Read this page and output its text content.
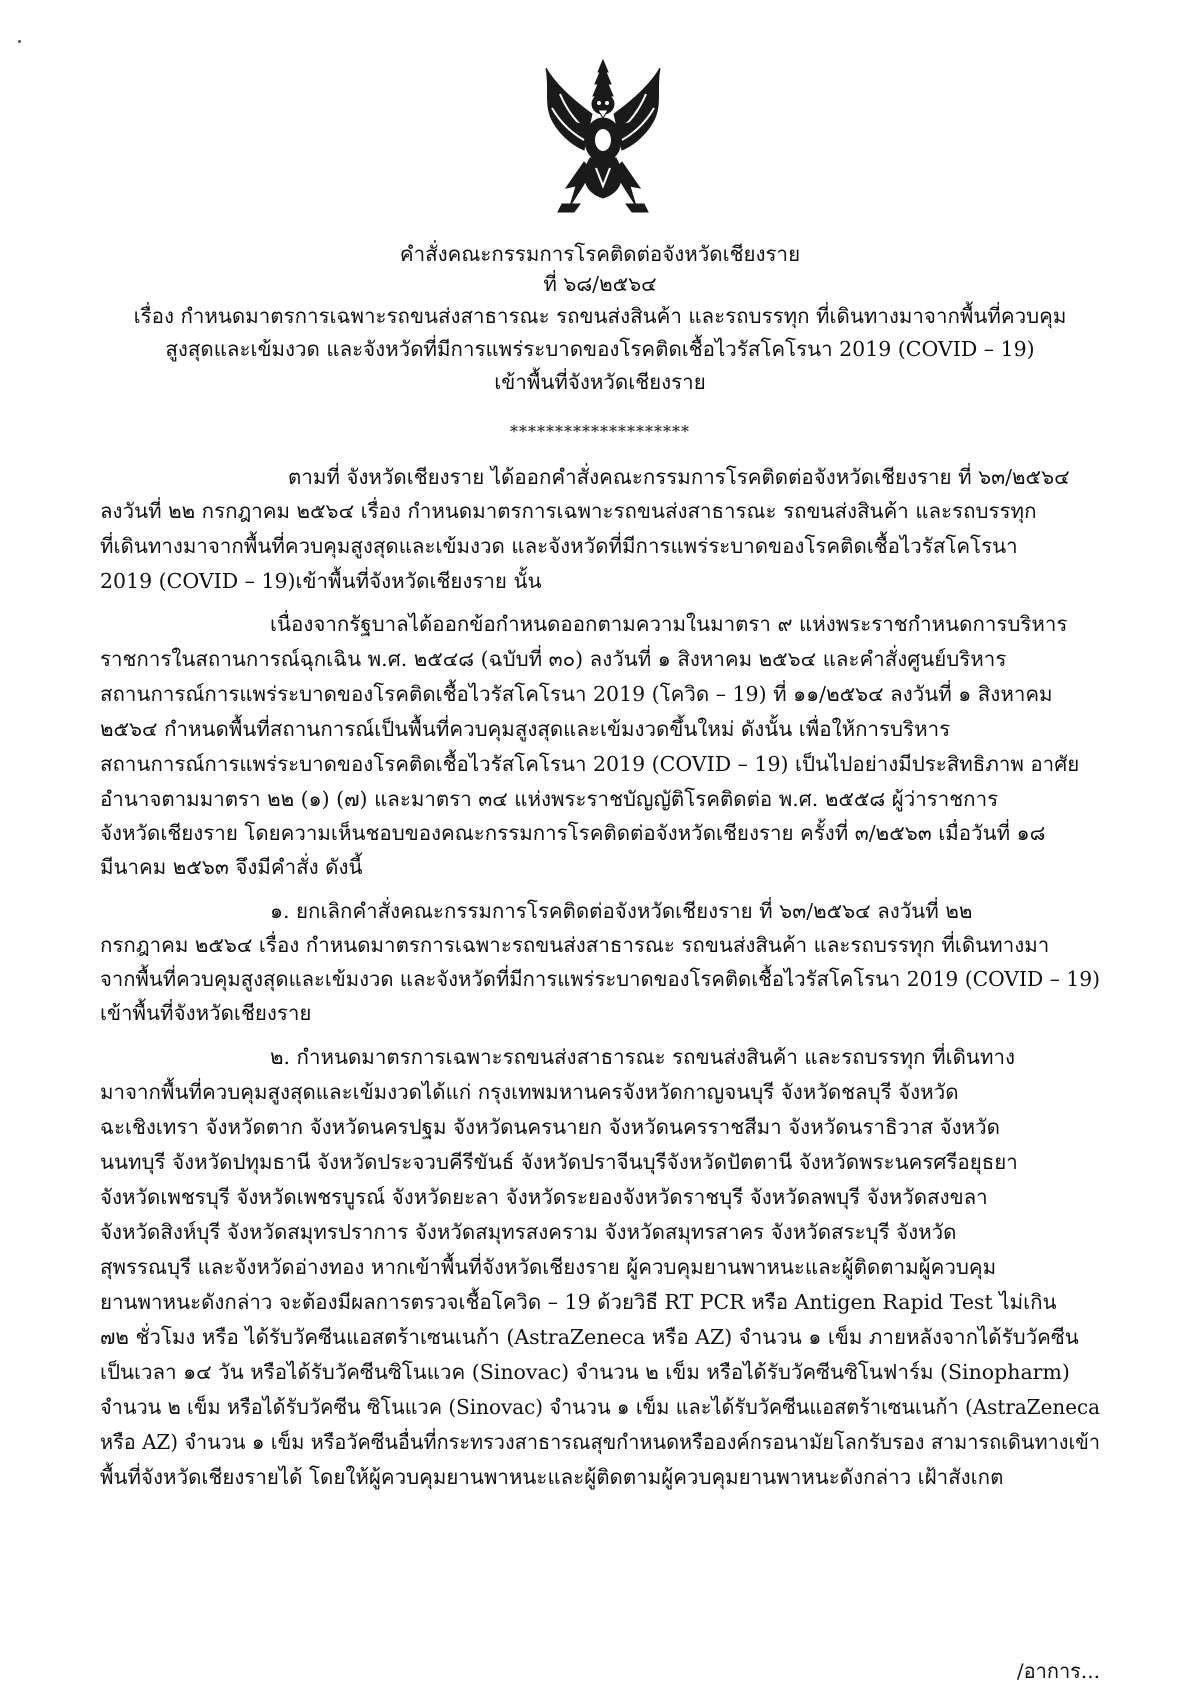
คำสั่งคณะกรรมการโรคติดต่อจังหวัดเชียงราย
ที่ ๖๘/๒๕๖๔
เรื่อง กำหนดมาตรการเฉพาะรถขนส่งสาธารณะ รถขนส่งสินค้า และรถบรรทุก ที่เดินทางมาจากพื้นที่ควบคุม
สูงสุดและเข้มงวด และจังหวัดที่มีการแพร่ระบาดของโรคติดเชื้อไวรัสโคโรนา 2019 (COVID – 19)
เข้าพื้นที่จังหวัดเชียงราย
********************
ตามที่ จังหวัดเชียงราย ได้ออกคำสั่งคณะกรรมการโรคติดต่อจังหวัดเชียงราย ที่ ๖๓/๒๕๖๔
ลงวันที่ ๒๒ กรกฎาคม ๒๕๖๔ เรื่อง กำหนดมาตรการเฉพาะรถขนส่งสาธารณะ รถขนส่งสินค้า และรถบรรทุก
ที่เดินทางมาจากพื้นที่ควบคุมสูงสุดและเข้มงวด และจังหวัดที่มีการแพร่ระบาดของโรคติดเชื้อไวรัสโคโรนา
2019 (COVID – 19)เข้าพื้นที่จังหวัดเชียงราย นั้น
เนื่องจากรัฐบาลได้ออกข้อกำหนดออกตามความในมาตรา ๙ แห่งพระราชกำหนดการบริหาร
ราชการในสถานการณ์ฉุกเฉิน พ.ศ. ๒๕๔๘ (ฉบับที่ ๓๐) ลงวันที่ ๑ สิงหาคม ๒๕๖๔ และคำสั่งศูนย์บริหาร
สถานการณ์การแพร่ระบาดของโรคติดเชื้อไวรัสโคโรนา 2019 (โควิด – 19) ที่ ๑๑/๒๕๖๔ ลงวันที่ ๑ สิงหาคม
๒๕๖๔ กำหนดพื้นที่สถานการณ์เป็นพื้นที่ควบคุมสูงสุดและเข้มงวดขึ้นใหม่ ดังนั้น เพื่อให้การบริหาร
สถานการณ์การแพร่ระบาดของโรคติดเชื้อไวรัสโคโรนา 2019 (COVID – 19) เป็นไปอย่างมีประสิทธิภาพ อาศัย
อำนาจตามมาตรา ๒๒ (๑) (๗) และมาตรา ๓๔ แห่งพระราชบัญญัติโรคติดต่อ พ.ศ. ๒๕๕๘ ผู้ว่าราชการ
จังหวัดเชียงราย โดยความเห็นชอบของคณะกรรมการโรคติดต่อจังหวัดเชียงราย ครั้งที่ ๓/๒๕๖๓ เมื่อวันที่ ๑๘
มีนาคม ๒๕๖๓ จึงมีคำสั่ง ดังนี้
๑. ยกเลิกคำสั่งคณะกรรมการโรคติดต่อจังหวัดเชียงราย ที่ ๖๓/๒๕๖๔ ลงวันที่ ๒๒
กรกฎาคม ๒๕๖๔ เรื่อง กำหนดมาตรการเฉพาะรถขนส่งสาธารณะ รถขนส่งสินค้า และรถบรรทุก ที่เดินทางมา
จากพื้นที่ควบคุมสูงสุดและเข้มงวด และจังหวัดที่มีการแพร่ระบาดของโรคติดเชื้อไวรัสโคโรนา 2019 (COVID – 19)
เข้าพื้นที่จังหวัดเชียงราย
๒. กำหนดมาตรการเฉพาะรถขนส่งสาธารณะ รถขนส่งสินค้า และรถบรรทุก ที่เดินทาง
มาจากพื้นที่ควบคุมสูงสุดและเข้มงวดได้แก่ กรุงเทพมหานครจังหวัดกาญจนบุรี จังหวัดชลบุรี จังหวัด
ฉะเชิงเทรา จังหวัดตาก จังหวัดนครปฐม จังหวัดนครนายก จังหวัดนครราชสีมา จังหวัดนราธิวาส จังหวัด
นนทบุรี จังหวัดปทุมธานี จังหวัดประจวบคีรีขันธ์ จังหวัดปราจีนบุรีจังหวัดปัตตานี จังหวัดพระนครศรีอยุธยา
จังหวัดเพชรบุรี จังหวัดเพชรบูรณ์ จังหวัดยะลา จังหวัดระยองจังหวัดราชบุรี จังหวัดลพบุรี จังหวัดสงขลา
จังหวัดสิงห์บุรี จังหวัดสมุทรปราการ จังหวัดสมุทรสงคราม จังหวัดสมุทรสาคร จังหวัดสระบุรี จังหวัด
สุพรรณบุรี และจังหวัดอ่างทอง หากเข้าพื้นที่จังหวัดเชียงราย ผู้ควบคุมยานพาหนะและผู้ติดตามผู้ควบคุม
ยานพาหนะดังกล่าว จะต้องมีผลการตรวจเชื้อโควิด – 19 ด้วยวิธี RT PCR หรือ Antigen Rapid Test ไม่เกิน
๗๒ ชั่วโมง หรือ ได้รับวัคซีนแอสตร้าเซนเนก้า (AstraZeneca หรือ AZ) จำนวน ๑ เข็ม ภายหลังจากได้รับวัคซีน
เป็นเวลา ๑๔ วัน หรือได้รับวัคซีนซิโนแวค (Sinovac) จำนวน ๒ เข็ม หรือได้รับวัคซีนซิโนฟาร์ม (Sinopharm)
จำนวน ๒ เข็ม หรือได้รับวัคซีน ซิโนแวค (Sinovac) จำนวน ๑ เข็ม และได้รับวัคซีนแอสตร้าเซนเนก้า (AstraZeneca
หรือ AZ) จำนวน ๑ เข็ม หรือวัคซีนอื่นที่กระทรวงสาธารณสุขกำหนดหรือองค์กรอนามัยโลกรับรอง สามารถเดินทางเข้า
พื้นที่จังหวัดเชียงรายได้ โดยให้ผู้ควบคุมยานพาหนะและผู้ติดตามผู้ควบคุมยานพาหนะดังกล่าว เฝ้าสังเกต
/อาการ...
